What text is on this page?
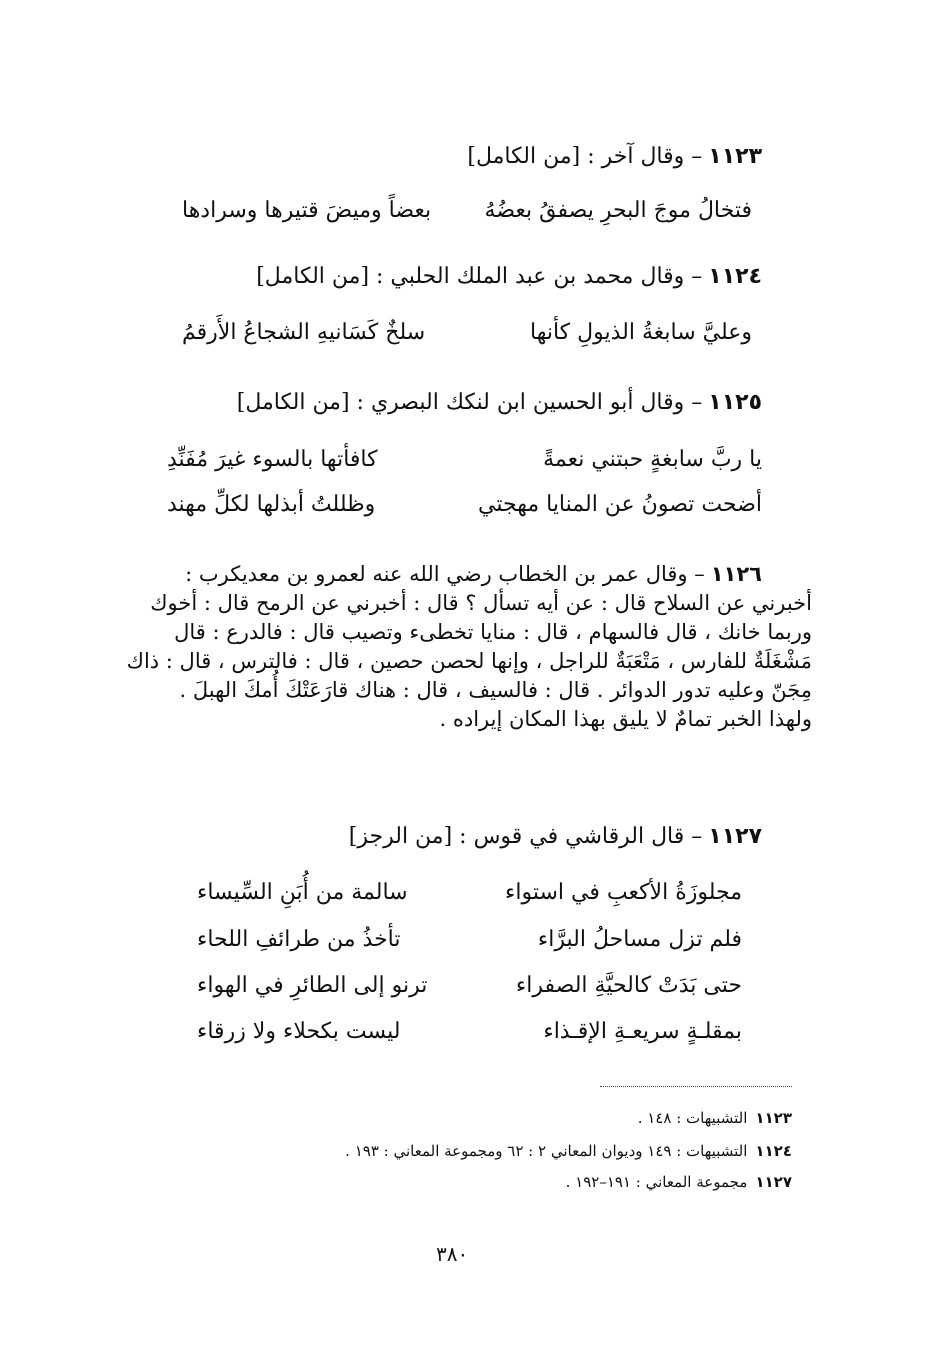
١١٢٣– وقال آخر : [من الكامل]
فتخالُ موجَ البحرِ يصفقُ بعضُهُ
بعضاً وميضَ قتيرها وسرادها
١١٢٤– وقال محمد بن عبد الملك الحلبي : [من الكامل]
وعليَّ سابغةُ الذيولِ كأنها
سلخٌ كَسَانيهِ الشجاعُ الأَرقمُ
١١٢٥– وقال أبو الحسين ابن لنكك البصري : [من الكامل]
يا ربَّ سابغةٍ حبتني نعمةً
كافأتها بالسوء غيرَ مُفَنِّدِ
أضحت تصونُ عن المنايا مهجتي
وظللتُ أبذلها لكلِّ مهند
١١٢٦– وقال عمر بن الخطاب رضي الله عنه لعمرو بن معديكرب :
أخبرني عن السلاح قال : عن أيه تسأل ؟ قال : أخبرني عن الرمح قال : أخوك
وربما خانك ، قال فالسهام ، قال : منايا تخطىء وتصيب قال : فالدرع : قال
مَشْغَلَةٌ للفارس ، مَتْعَبَةٌ للراجل ، وإنها لحصن حصين ، قال : فالترس ، قال : ذاك
مِجَنّ وعليه تدور الدوائر . قال : فالسيف ، قال : هناك قارَعَتْكَ أُمكَ الهبلَ .
ولهذا الخبر تمامٌ لا يليق بهذا المكان إيراده .
١١٢٧– قال الرقاشي في قوس : [من الرجز]
مجلوزَةُ الأكعبِ في استواء
سالمة من أُبَنِ السِّيساء
فلم تزل مساحلُ البرَّاء
تأخذُ من طرائفِ اللحاء
حتى بَدَتْ كالحيَّةِ الصفراء
ترنو إلى الطائرِ في الهواء
بمقلـةٍ سريعـةِ الإقـذاء
ليست بكحلاء ولا زرقاء
١١٢٣التشبيهات : ١٤٨ .
١١٢٤التشبيهات : ١٤٩ وديوان المعاني ٢ : ٦٢ ومجموعة المعاني : ١٩٣ .
١١٢٧مجموعة المعاني : ١٩١–١٩٢ .
٣٨٠
